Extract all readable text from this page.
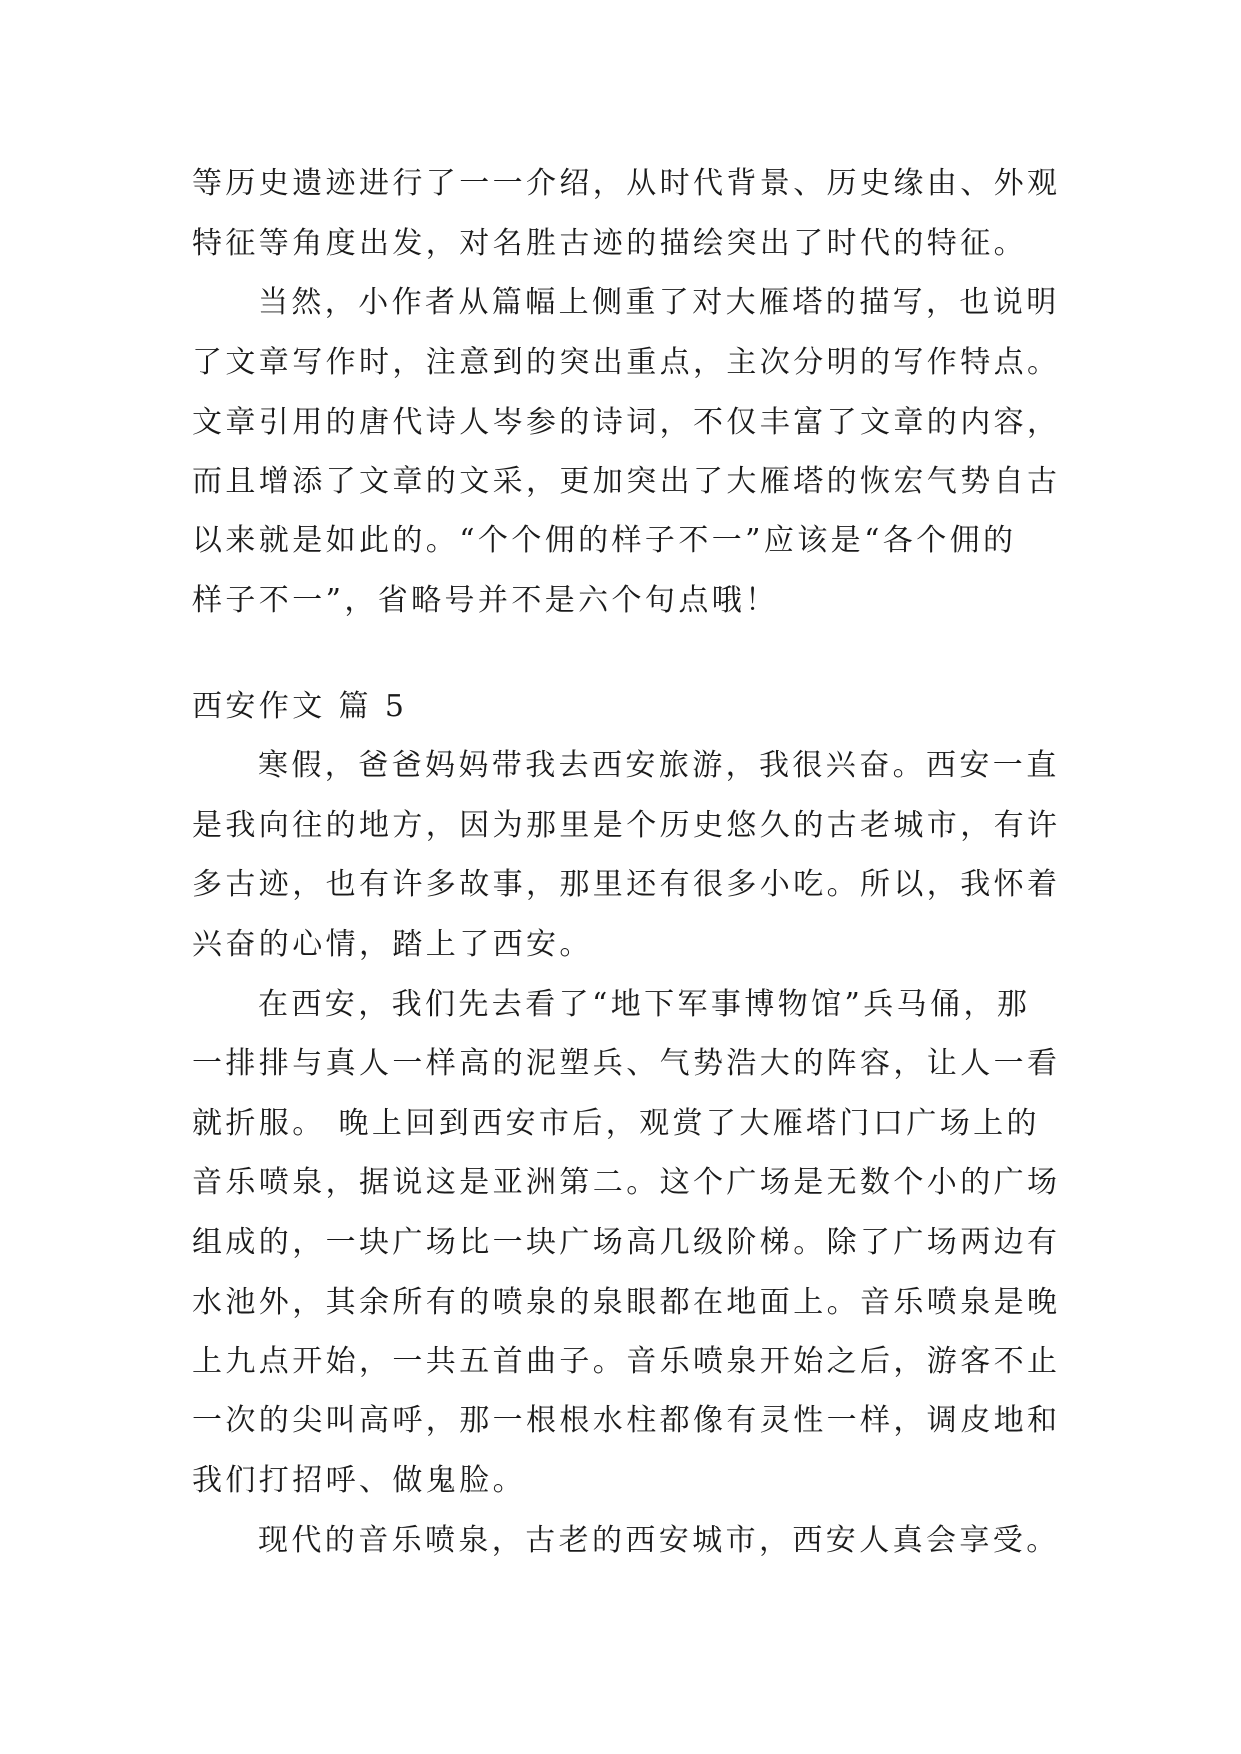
等历史遗迹进行了一一介绍，从时代背景、历史缘由、外观
特征等角度出发，对名胜古迹的描绘突出了时代的特征。
当然，小作者从篇幅上侧重了对大雁塔的描写，也说明
了文章写作时，注意到的突出重点，主次分明的写作特点。
文章引用的唐代诗人岑参的诗词，不仅丰富了文章的内容，
而且增添了文章的文采，更加突出了大雁塔的恢宏气势自古
以来就是如此的。“个个佣的样子不一”应该是“各个佣的
样子不一”，省略号并不是六个句点哦！
西安作文 篇 5
寒假，爸爸妈妈带我去西安旅游，我很兴奋。西安一直
是我向往的地方，因为那里是个历史悠久的古老城市，有许
多古迹，也有许多故事，那里还有很多小吃。所以，我怀着
兴奋的心情，踏上了西安。
在西安，我们先去看了“地下军事博物馆”兵马俑，那
一排排与真人一样高的泥塑兵、气势浩大的阵容，让人一看
就折服。 晚上回到西安市后，观赏了大雁塔门口广场上的
音乐喷泉，据说这是亚洲第二。这个广场是无数个小的广场
组成的，一块广场比一块广场高几级阶梯。除了广场两边有
水池外，其余所有的喷泉的泉眼都在地面上。音乐喷泉是晚
上九点开始，一共五首曲子。音乐喷泉开始之后，游客不止
一次的尖叫高呼，那一根根水柱都像有灵性一样，调皮地和
我们打招呼、做鬼脸。
现代的音乐喷泉，古老的西安城市，西安人真会享受。
